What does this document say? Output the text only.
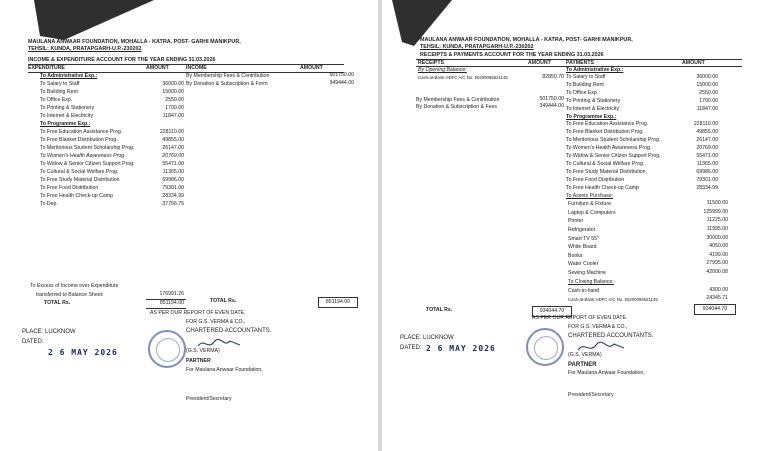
MAULANA ANWAAR FOUNDATION, MOHALLA - KATRA, POST- GARHI MANIKPUR,
TEHSIL: KUNDA, PRATAPGARH-U.P.-230202
INCOME & EXPENDITURE ACCOUNT FOR THE YEAR ENDING 31.03.2026
EXPENDITURE	AMOUNT	INCOME	AMOUNT
By Membership Fees & Contribution	501750.00
By Donation & Subscription & Form	349444.00
To Administrative Exp.:
To Salary to Staff	36000.00
To Building Rent	15000.00
To Office Exp.	2550.00
To Printing & Stationery	1700.00
To Internet & Electricity	11847.00
To Programme Exp.:
To Free Education Assistance Prog.	228110.00
To Free Blanket Distribution Prog.	49855.00
To Meritorious Student Scholarship Prog.	26147.00
To Women's Health Awareness Prog.	20769.00
To Widow & Senior Citizen Support Prog.	55471.00
To Cultural & Social Welfare Prog.	11365.00
To Free Study Material Distribution	69986.00
To Free Food Distribution	79301.00
To Free Health Check-up Camp	28334.99
To Dep.	37766.75
To Excess of Income over Expenditure
transferred to Balance Sheet:	176991.26
TOTAL Rs.	851194.00	TOTAL Rs.	851194.00
AS PER OUR REPORT OF EVEN DATE.
FOR G.S. VERMA & CO.,
CHARTERED ACCOUNTANTS.
(G.S. VERMA)
PARTNER
For Maulana Anwaar Foundation,
PLACE: LUCKNOW
DATED:
2 6 MAY 2026
President/Secretary
MAULANA ANWAAR FOUNDATION, MOHALLA - KATRA, POST- GARHI MANIKPUR,
TEHSIL: KUNDA, PRATAPGARH-U.P.-230202
RECEIPTS & PAYMENTS ACCOUNT FOR THE YEAR ENDING 31.03.2026
RECEIPTS	AMOUNT	PAYMENTS	AMOUNT
By Opening Balance:
Cash-at-Bank HDFC A/C No. 50200096521145	82850.70
By Membership Fees & Contribution	501750.00
By Donation & Subscription & Fees	349444.00
To Administrative Exp.:
To Salary to Staff	36000.00
To Building Rent	15000.00
To Office Exp.	2550.00
To Printing & Stationery	1700.00
To Internet & Electricity	11847.00
To Programme Exp.:
To Free Education Assistance Prog.	228110.00
To Free Blanket Distribution Prog.	49855.00
To Meritorious Student Scholarship Prog.	26147.00
To Women's Health Awareness Prog.	20769.00
To Widow & Senior Citizen Support Prog.	55471.00
To Cultural & Social Welfare Prog.	11365.00
To Free Study Material Distribution	69986.00
To Free Food Distribution	79301.00
To Free Health Check-up Camp	28334.99
To Assets Purchase:
Furniture & Fixture	11500.00
Laptop & Computers	125999.00
Printer	11225.00
Refrigerator	11995.00
Smart TV 55"	30000.00
White Board	4050.00
Books	4199.00
Water Cooler	27995.00
Sewing Machine	42000.00
To Closing Balance:
Cash-in-hand	4300.00
Cash-at-Bank HDFC A/C No. 50200096521145	24345.71
TOTAL Rs.	934044.70	934044.70
AS PER OUR REPORT OF EVEN DATE.
FOR G.S. VERMA & CO.,
CHARTERED ACCOUNTANTS.
(G.S. VERMA)
PARTNER
For Maulana Anwaar Foundation,
PLACE: LUCKNOW
DATED: 2 6 MAY 2026
President/Secretary
